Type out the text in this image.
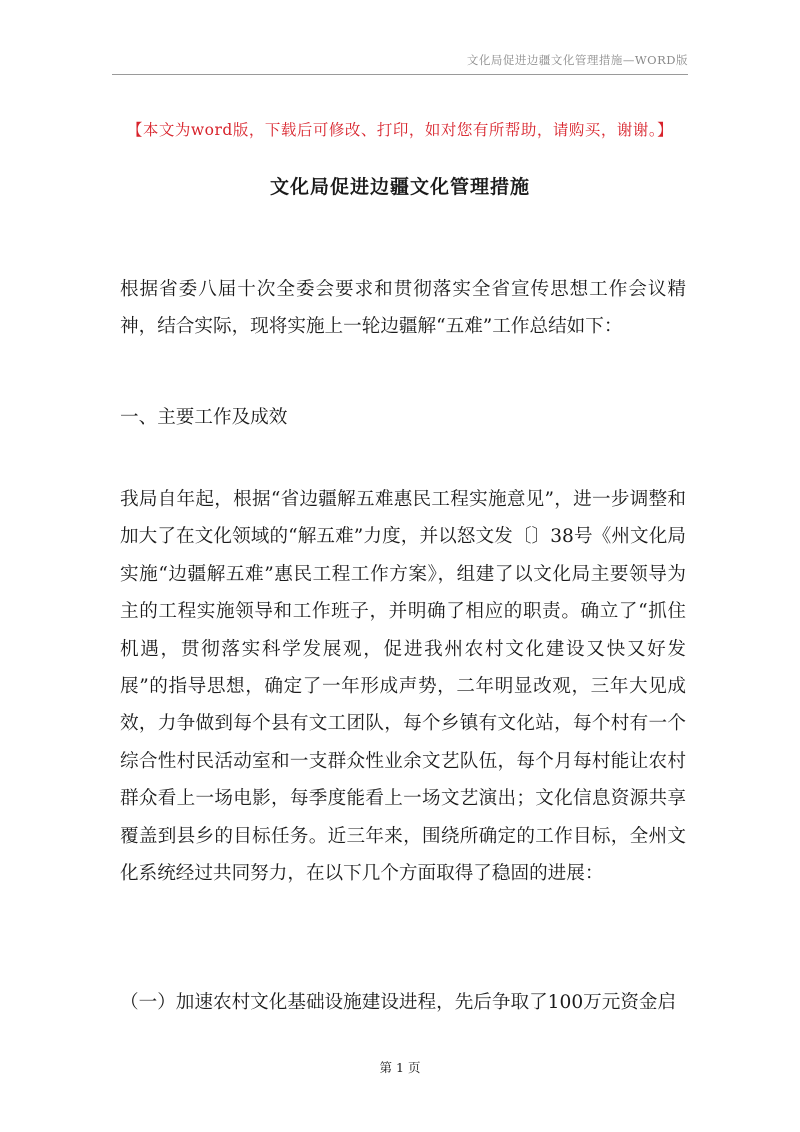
文化局促进边疆文化管理措施—WORD版
【本文为word版，下载后可修改、打印，如对您有所帮助，请购买，谢谢。】
文化局促进边疆文化管理措施

根据省委八届十次全委会要求和贯彻落实全省宣传思想工作会议精神，结合实际，现将实施上一轮边疆解“五难”工作总结如下：

一、主要工作及成效

我局自年起，根据“省边疆解五难惠民工程实施意见”，进一步调整和加大了在文化领域的“解五难”力度，并以怒文发〔〕38号《州文化局实施“边疆解五难”惠民工程工作方案》，组建了以文化局主要领导为主的工程实施领导和工作班子，并明确了相应的职责。确立了“抓住机遇，贯彻落实科学发展观，促进我州农村文化建设又快又好发展”的指导思想，确定了一年形成声势，二年明显改观，三年大见成效，力争做到每个县有文工团队，每个乡镇有文化站，每个村有一个综合性村民活动室和一支群众性业余文艺队伍，每个月每村能让农村群众看上一场电影，每季度能看上一场文艺演出；文化信息资源共享覆盖到县乡的目标任务。近三年来，围绕所确定的工作目标，全州文化系统经过共同努力，在以下几个方面取得了稳固的进展：

（一）加速农村文化基础设施建设进程，先后争取了100万元资金启

第 1 页
